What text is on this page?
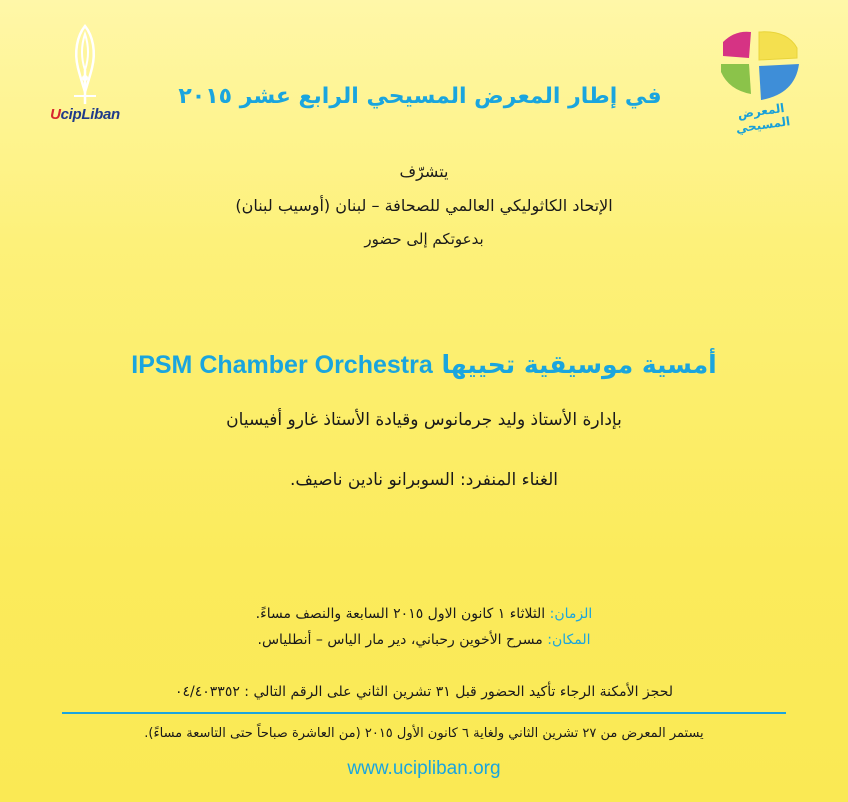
UcipLiban	المعرض المسيحي
في إطار المعرض المسيحي الرابع عشر ٢٠١٥
يتشرّف
الإتحاد الكاثوليكي العالمي للصحافة – لبنان (أوسيب لبنان)
بدعوتكم إلى حضور
أمسية موسيقية تحييها IPSM Chamber Orchestra
بإدارة الأستاذ وليد جرمانوس وقيادة الأستاذ غارو أفيسيان
الغناء المنفرد: السوبرانو نادين ناصيف.
الزمان: الثلاثاء ١ كانون الاول ٢٠١٥ السابعة والنصف مساءً.
المكان: مسرح الأخوين رحباني، دير مار الياس – أنطلياس.
لحجز الأمكنة الرجاء تأكيد الحضور قبل ٣١ تشرين الثاني على الرقم التالي : ٠٤/٤٠٣٣٥٢
يستمر المعرض من ٢٧ تشرين الثاني ولغاية ٦ كانون الأول ٢٠١٥ (من العاشرة صباحاً حتى التاسعة مساءً).
www.ucipliban.org
